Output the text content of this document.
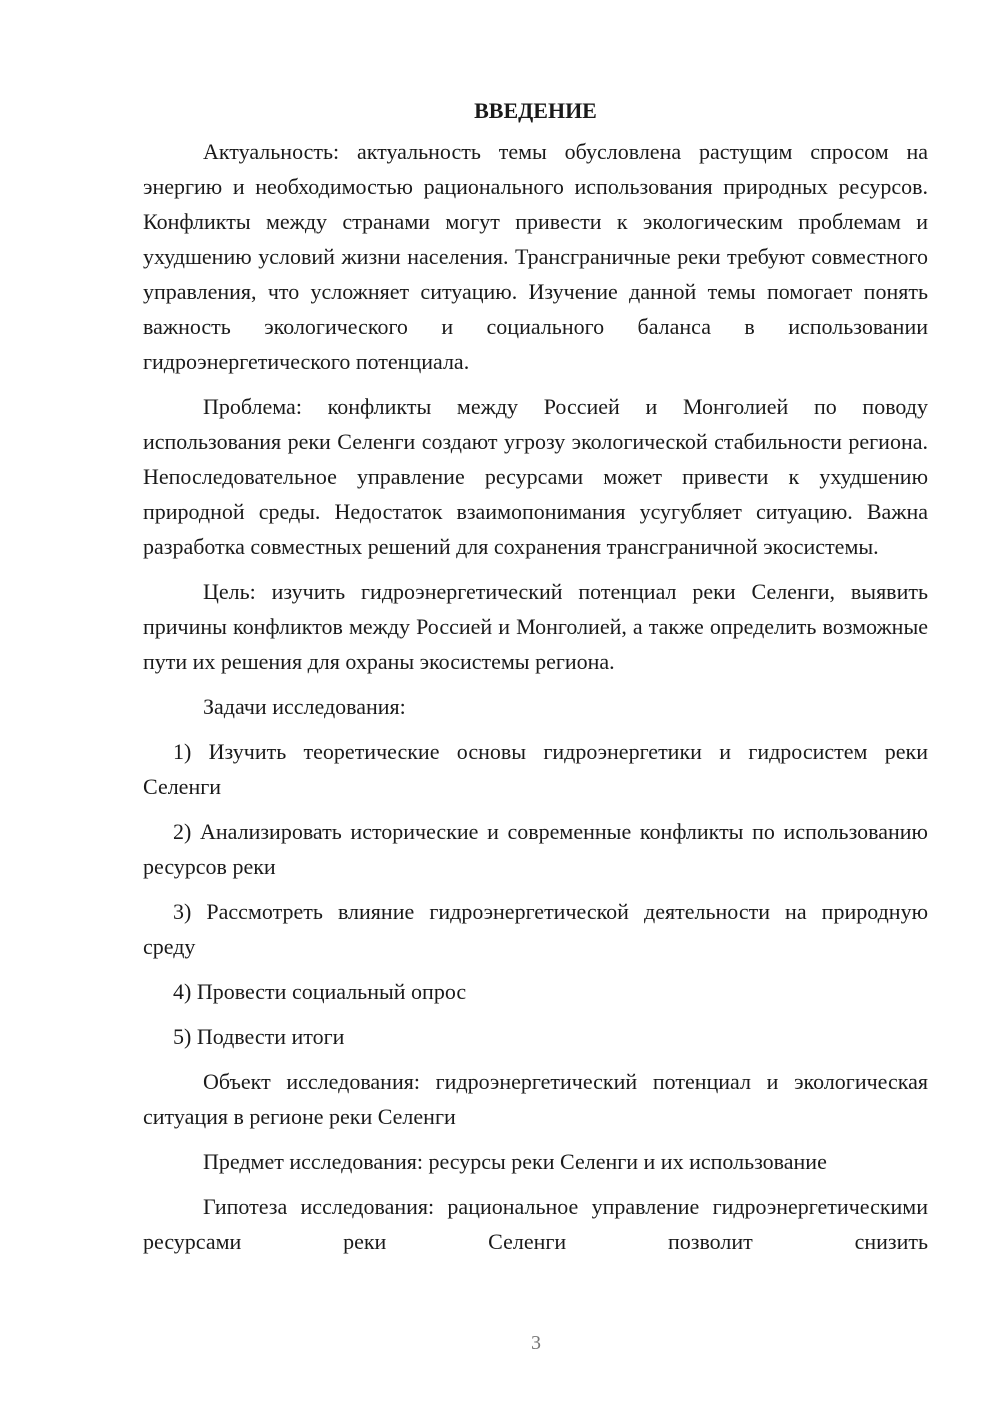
ВВЕДЕНИЕ

Актуальность: актуальность темы обусловлена растущим спросом на энергию и необходимостью рационального использования природных ресурсов. Конфликты между странами могут привести к экологическим проблемам и ухудшению условий жизни населения. Трансграничные реки требуют совместного управления, что усложняет ситуацию. Изучение данной темы помогает понять важность экологического и социального баланса в использовании гидроэнергетического потенциала.

Проблема: конфликты между Россией и Монголией по поводу использования реки Селенги создают угрозу экологической стабильности региона. Непоследовательное управление ресурсами может привести к ухудшению природной среды. Недостаток взаимопонимания усугубляет ситуацию. Важна разработка совместных решений для сохранения трансграничной экосистемы.

Цель: изучить гидроэнергетический потенциал реки Селенги, выявить причины конфликтов между Россией и Монголией, а также определить возможные пути их решения для охраны экосистемы региона.

Задачи исследования:

1) Изучить теоретические основы гидроэнергетики и гидросистем реки Селенги

2) Анализировать исторические и современные конфликты по использованию ресурсов реки

3) Рассмотреть влияние гидроэнергетической деятельности на природную среду

4) Провести социальный опрос

5) Подвести итоги

Объект исследования: гидроэнергетический потенциал и экологическая ситуация в регионе реки Селенги

Предмет исследования: ресурсы реки Селенги и их использование

Гипотеза исследования: рациональное управление гидроэнергетическими ресурсами реки Селенги позволит снизить

3
